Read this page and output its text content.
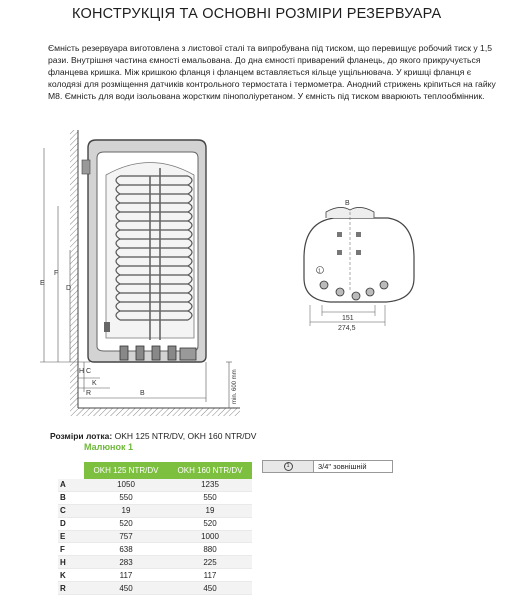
КОНСТРУКЦІЯ ТА ОСНОВНІ РОЗМІРИ РЕЗЕРВУАРА
Ємність резервуара виготовлена з листової сталі та випробувана під тиском, що перевищує робочий тиск у 1,5 рази. Внутрішня частина ємності емальована. До дна ємності приварений фланець, до якого прикручується фланцева кришка. Між кришкою фланця і фланцем вставляється кільце ущільнювача. У кришці фланця є колодязі для розміщення датчиків контрольного термостата і термометра. Анодний стрижень кріпиться на гайку М8. Ємність для води ізольована жорстким пінополіуретаном. У ємність під тиском вварюють теплообмінник.
E
F
D
H C
K
R	B	min. 600 mm
B
151
274,5
1
Розміри лотка: OKH 125 NTR/DV, OKH 160 NTR/DV
Малюнок 1
	OKH 125 NTR/DV	OKH 160 NTR/DV
A	1050	1235
B	550	550
C	19	19
D	520	520
E	757	1000
F	638	880
H	283	225
K	117	117
R	450	450
1	3/4" зовнішній
